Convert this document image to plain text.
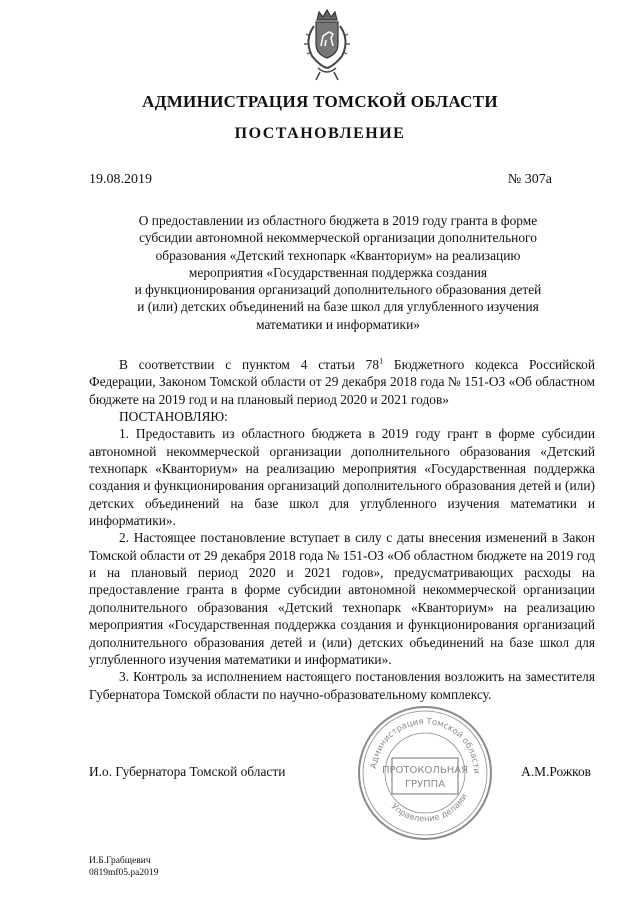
АДМИНИСТРАЦИЯ ТОМСКОЙ ОБЛАСТИ
ПОСТАНОВЛЕНИЕ
19.08.2019	№ 307а
О предоставлении из областного бюджета в 2019 году гранта в форме
субсидии автономной некоммерческой организации дополнительного
образования «Детский технопарк «Кванториум» на реализацию
мероприятия «Государственная поддержка создания
и функционирования организаций дополнительного образования детей
и (или) детских объединений на базе школ для углубленного изучения
математики и информатики»

В соответствии с пунктом 4 статьи $78^1$ Бюджетного кодекса Российской Федерации, Законом Томской области от 29 декабря 2018 года № 151-ОЗ «Об областном бюджете на 2019 год и на плановый период 2020 и 2021 годов»

ПОСТАНОВЛЯЮ:

1. Предоставить из областного бюджета в 2019 году грант в форме субсидии автономной некоммерческой организации дополнительного образования «Детский технопарк «Кванториум» на реализацию мероприятия «Государственная поддержка создания и функционирования организаций дополнительного образования детей и (или) детских объединений на базе школ для углубленного изучения математики и информатики».

2. Настоящее постановление вступает в силу с даты внесения изменений в Закон Томской области от 29 декабря 2018 года № 151-ОЗ «Об областном бюджете на 2019 год и на плановый период 2020 и 2021 годов», предусматривающих расходы на предоставление гранта в форме субсидии автономной некоммерческой организации дополнительного образования «Детский технопарк «Кванториум» на реализацию мероприятия «Государственная поддержка создания и функционирования организаций дополнительного образования детей и (или) детских объединений на базе школ для углубленного изучения математики и информатики».

3. Контроль за исполнением настоящего постановления возложить на заместителя Губернатора Томской области по научно-образовательному комплексу.

И.о. Губернатора Томской области	А.М.Рожков
Администрация Томской области
Управление делами
ПРОТОКОЛЬНАЯ
ГРУППА
И.Б.Грабщевич
0819mf05.pa2019
